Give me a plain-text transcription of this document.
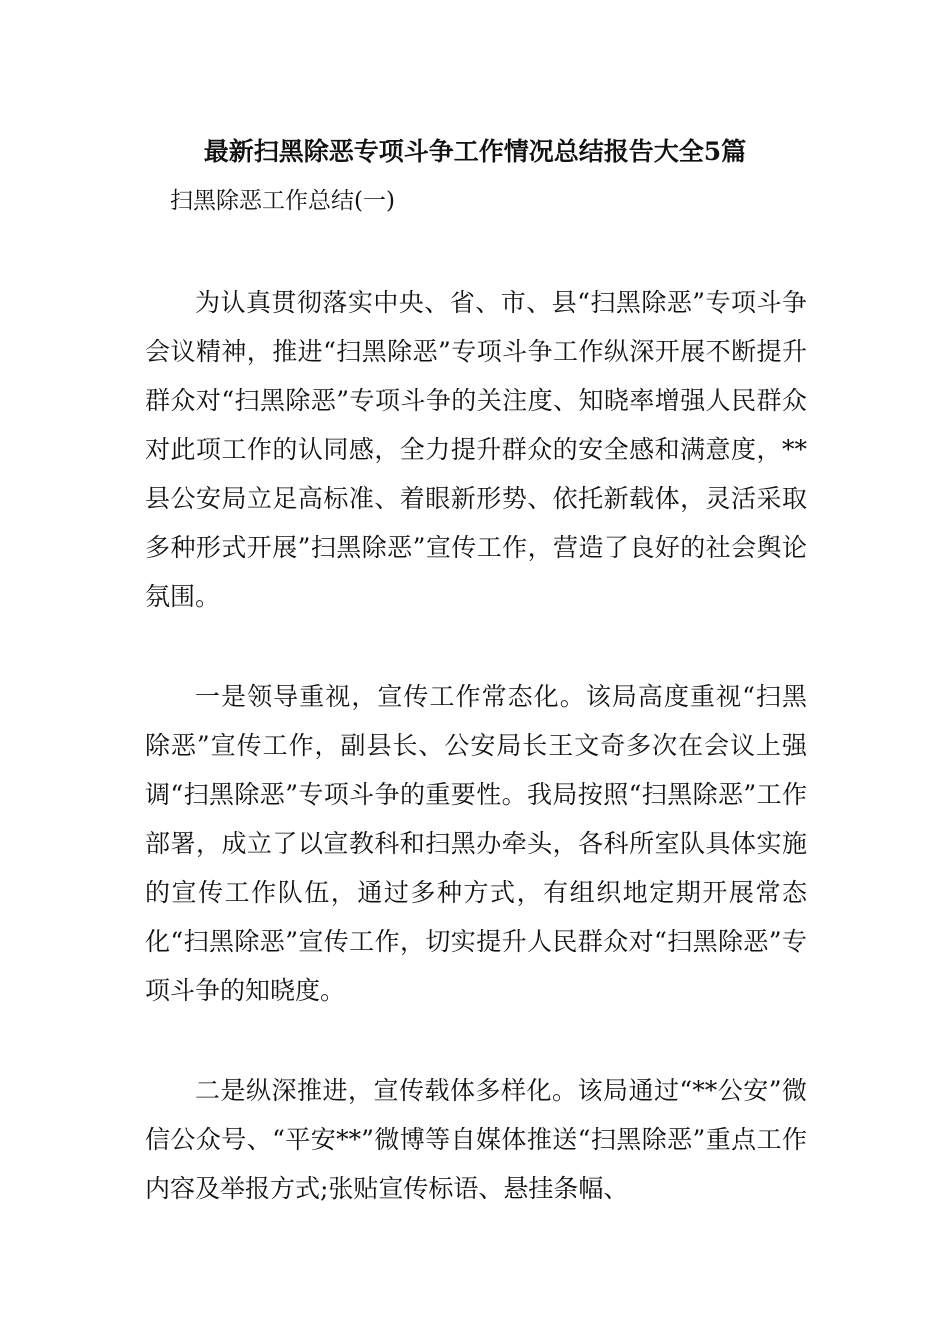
最新扫黑除恶专项斗争工作情况总结报告大全5篇
扫黑除恶工作总结(一)

为认真贯彻落实中央、省、市、县“扫黑除恶”专项斗争会议精神，推进“扫黑除恶”专项斗争工作纵深开展不断提升群众对“扫黑除恶”专项斗争的关注度、知晓率增强人民群众对此项工作的认同感，全力提升群众的安全感和满意度，**县公安局立足高标准、着眼新形势、依托新载体，灵活采取多种形式开展”扫黑除恶”宣传工作，营造了良好的社会舆论氛围。

一是领导重视，宣传工作常态化。该局高度重视“扫黑除恶”宣传工作，副县长、公安局长王文奇多次在会议上强调“扫黑除恶”专项斗争的重要性。我局按照“扫黑除恶”工作部署，成立了以宣教科和扫黑办牵头，各科所室队具体实施的宣传工作队伍，通过多种方式，有组织地定期开展常态化“扫黑除恶”宣传工作，切实提升人民群众对“扫黑除恶”专项斗争的知晓度。

二是纵深推进，宣传载体多样化。该局通过“**公安”微信公众号、“平安**”微博等自媒体推送“扫黑除恶”重点工作内容及举报方式;张贴宣传标语、悬挂条幅、
